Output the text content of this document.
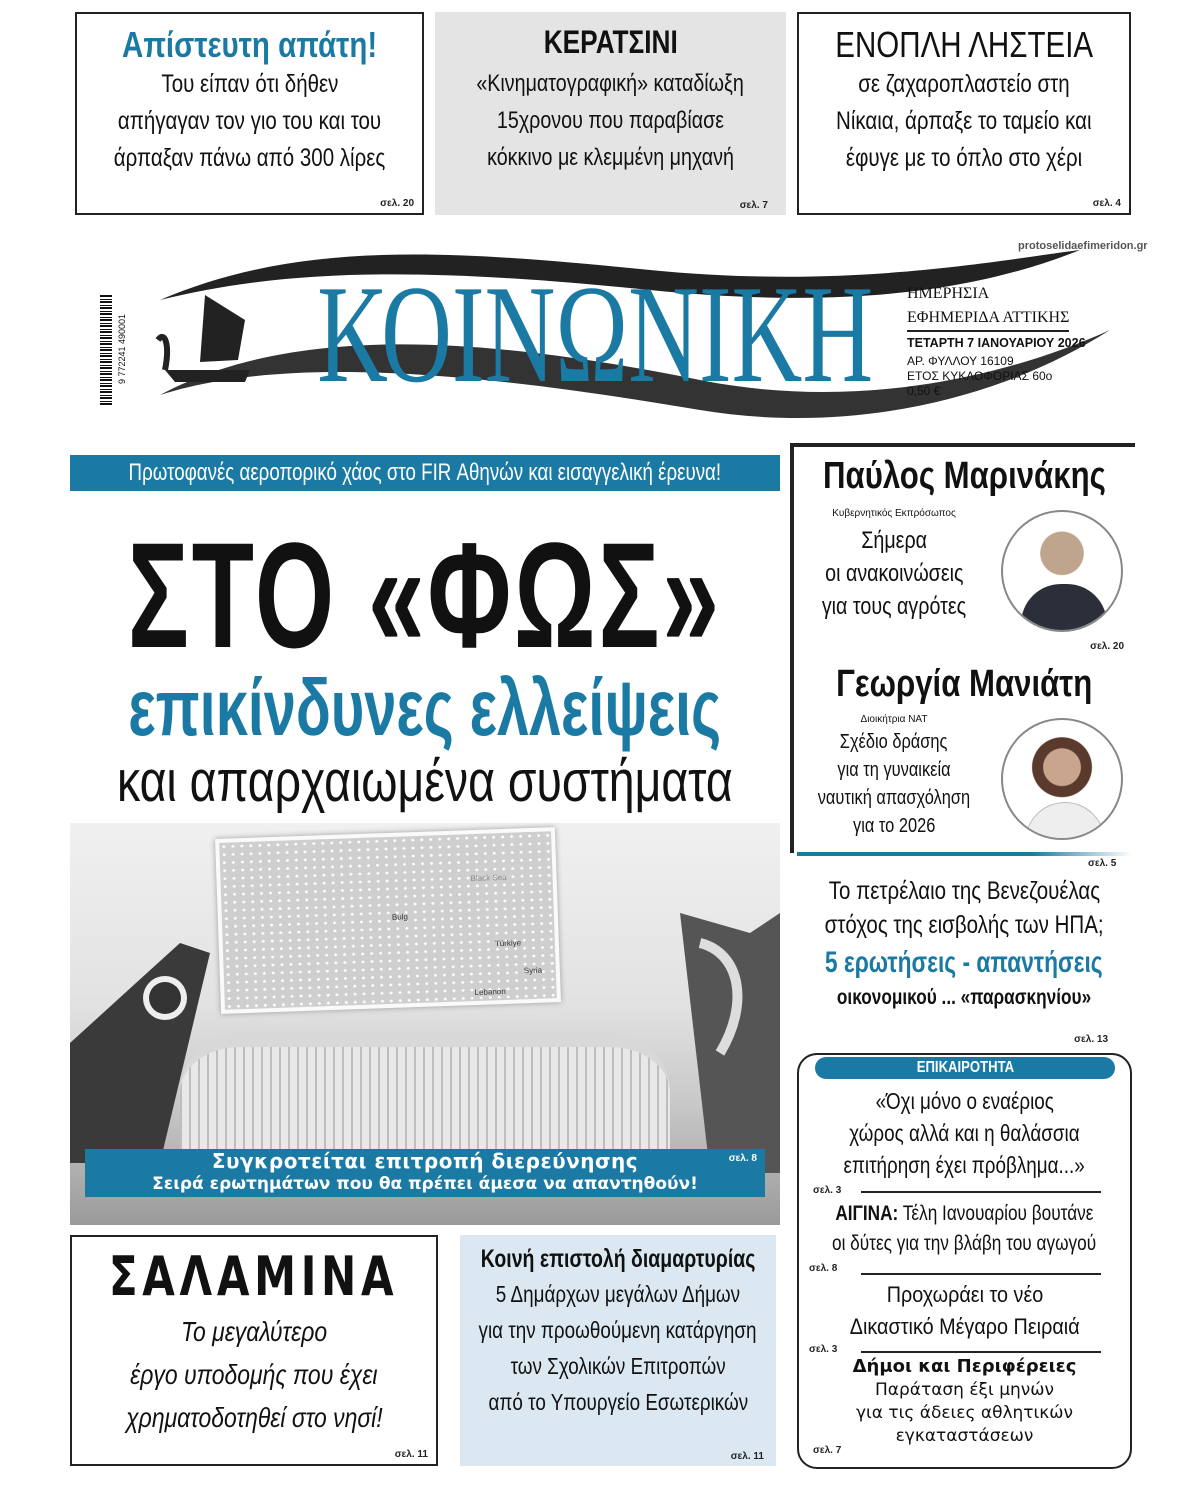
Απίστευτη απάτη!
Του είπαν ότι δήθεν
απήγαγαν τον γιο του και του
άρπαξαν πάνω από 300 λίρες
σελ. 20
ΚΕΡΑΤΣΙΝΙ
«Κινηματογραφική» καταδίωξη
15χρονου που παραβίασε
κόκκινο με κλεμμένη μηχανή
σελ. 7
ΕΝΟΠΛΗ ΛΗΣΤΕΙΑ
σε ζαχαροπλαστείο στη
Νίκαια, άρπαξε το ταμείο και
έφυγε με το όπλο στο χέρι
σελ. 4
protoselidaefimeridon.gr
9 772241 490001 ΚΟΙΝΩΝΙΚΗ ΗΜΕΡΗΣΙΑ
ΕΦΗΜΕΡΙΔΑ ΑΤΤΙΚΗΣ
ΤΕΤΑΡΤΗ 7 ΙΑΝΟΥΑΡΙΟΥ 2026
ΑΡ. ΦΥΛΛΟΥ 16109
ΕΤΟΣ ΚΥΚΛΟΦΟΡΙΑΣ 60ο
0,50 €
Πρωτοφανές αεροπορικό χάος στο FIR Αθηνών και εισαγγελική έρευνα!
ΣΤΟ «ΦΩΣ»
επικίνδυνες ελλείψεις
και απαρχαιωμένα συστήματα
Black Sea
Bulg
Türkiye
Syria
Lebanon
Συγκροτείται επιτροπή διερεύνησης
Σειρά ερωτημάτων που θα πρέπει άμεσα να απαντηθούν!
σελ. 8
ΣΑΛΑΜΙΝΑ
Το μεγαλύτερο
έργο υποδομής που έχει
χρηματοδοτηθεί στο νησί!
σελ. 11
Κοινή επιστολή διαμαρτυρίας
5 Δημάρχων μεγάλων Δήμων
για την προωθούμενη κατάργηση
των Σχολικών Επιτροπών
από το Υπουργείο Εσωτερικών
σελ. 11
Παύλος Μαρινάκης
Κυβερνητικός Εκπρόσωπος
Σήμερα
οι ανακοινώσεις
για τους αγρότες
σελ. 20
Γεωργία Μανιάτη
Διοικήτρια ΝΑΤ
Σχέδιο δράσης
για τη γυναικεία
ναυτική απασχόληση
για το 2026
σελ. 5
Το πετρέλαιο της Βενεζουέλας
στόχος της εισβολής των ΗΠΑ;
5 ερωτήσεις - απαντήσεις
οικονομικού ... «παρασκηνίου»
σελ. 13
ΕΠΙΚΑΙΡΟΤΗΤΑ
«Όχι μόνο ο εναέριος
χώρος αλλά και η θαλάσσια
επιτήρηση έχει πρόβλημα...»
σελ. 3
ΑΙΓΙΝΑ: Τέλη Ιανουαρίου βουτάνε
οι δύτες για την βλάβη του αγωγού
σελ. 8
Προχωράει το νέο
Δικαστικό Μέγαρο Πειραιά
σελ. 3
Δήμοι και Περιφέρειες
Παράταση έξι μηνών
για τις άδειες αθλητικών
εγκαταστάσεων
σελ. 7
